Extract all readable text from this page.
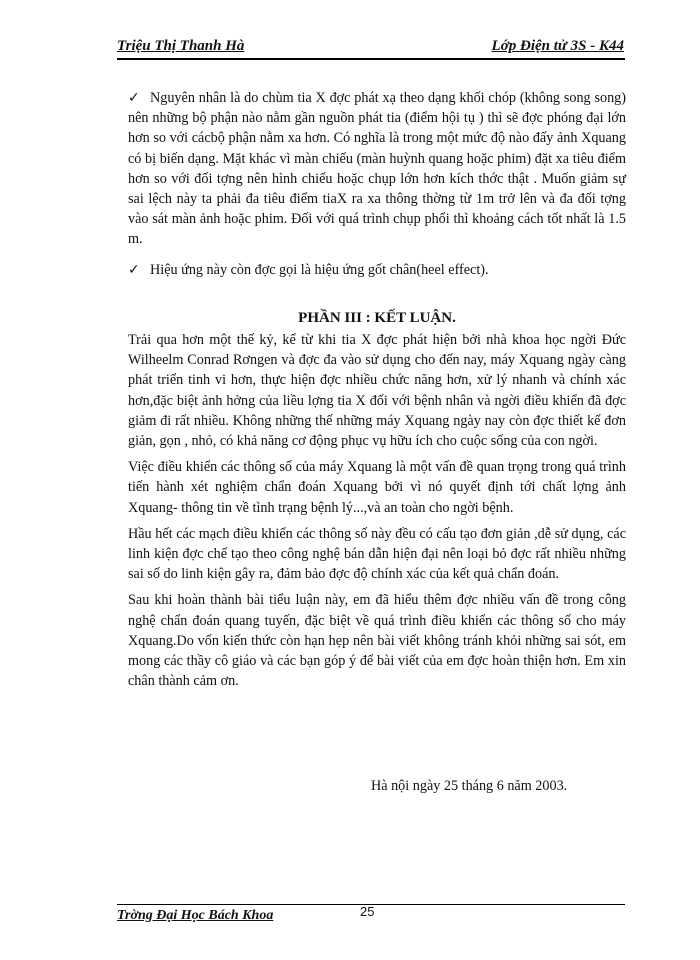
Triệu Thị Thanh Hà	Lớp Điện tử 3S - K44
✓ Nguyên nhân là do chùm tia X đợc phát xạ theo dạng khối chóp (không song song) nên những bộ phận nào nằm gần nguồn phát tia (điểm hội tụ ) thì sẽ đợc phóng đại lớn hơn so với cácbộ phận nằm xa hơn. Có nghĩa là trong một mức độ nào đấy ảnh Xquang có bị biến dạng. Mặt khác vì màn chiếu (màn huỳnh quang hoặc phim) đặt xa tiêu điểm hơn so với đối tợng nên hình chiếu hoặc chụp lớn hơn kích thớc thật . Muốn giảm sự sai lệch này ta phải đa tiêu điểm tiaX ra xa thông thờng từ 1m trở lên và đa đối tợng vào sát màn ảnh hoặc phim. Đối với quá trình chụp phổi thì khoảng cách tốt nhất là 1.5 m.
✓ Hiệu ứng này còn đợc gọi là hiệu ứng gốt chân(heel effect).
PHẦN III : KẾT LUẬN.

Trải qua hơn một thế kỷ, kể từ khi tia X đợc phát hiện bởi nhà khoa học ngời Đức Wilheelm Conrad Rơngen và đợc đa vào sử dụng cho đến nay, máy Xquang ngày càng phát triển tinh vi hơn, thực hiện đợc nhiều chức năng hơn, xử lý nhanh và chính xác hơn,đặc biệt ảnh hởng của liều lợng tia X đối với bệnh nhân và ngời điều khiển đã đợc giảm đi rất nhiều. Không những thế những máy Xquang ngày nay còn đợc thiết kế đơn giản, gọn , nhỏ, có khả năng cơ động phục vụ hữu ích cho cuộc sống của con ngời.

Việc điều khiển các thông số của máy Xquang là một vấn đề quan trọng trong quá trình tiến hành xét nghiệm chẩn đoán Xquang bởi vì nó quyết định tới chất lợng ảnh Xquang- thông tin về tình trạng bệnh lý...,và an toàn cho ngời bệnh.

Hầu hết các mạch điều khiển các thông số này đều có cấu tạo đơn giản ,dễ sử dụng, các linh kiện đợc chế tạo theo công nghệ bán dẫn hiện đại nên loại bỏ đợc rất nhiều những sai số do linh kiện gây ra, đảm bảo đợc độ chính xác của kết quả chẩn đoán.

Sau khi hoàn thành bài tiểu luận này, em đã hiểu thêm đợc nhiều vấn đề trong công nghệ chẩn đoán quang tuyến, đặc biệt về quá trình điều khiển các thông số cho máy Xquang.Do vốn kiến thức còn hạn hẹp nên bài viết không tránh khỏi những sai sót, em mong các thầy cô giáo và các bạn góp ý để bài viết của em đợc hoàn thiện hơn. Em xin chân thành cảm ơn.

Hà nội ngày 25 tháng 6 năm 2003.
Trờng Đại Học Bách Khoa	25
